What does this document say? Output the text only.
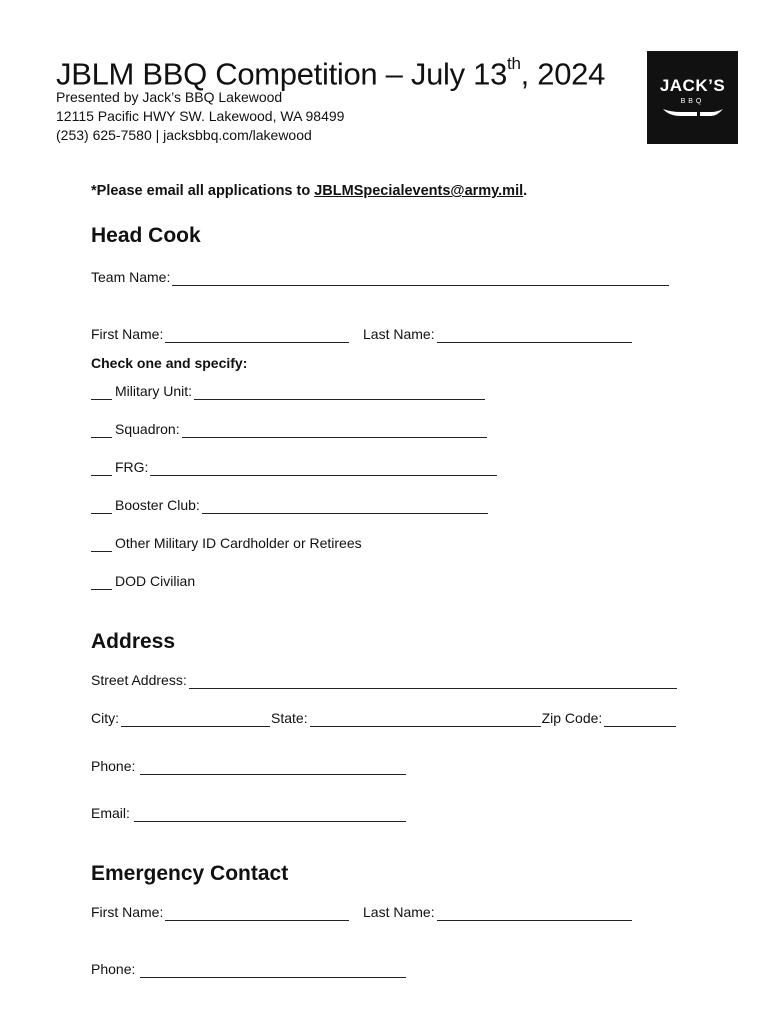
JBLM BBQ Competition – July 13th, 2024
Presented by Jack’s BBQ Lakewood
12115 Pacific HWY SW. Lakewood, WA 98499
(253) 625-7580 | jacksbbq.com/lakewood
JACK’S
BBQ
*Please email all applications to JBLMSpecialevents@army.mil.
Head Cook
Team Name:
First Name:	Last Name:
Check one and specify:
Military Unit:
Squadron:
FRG:
Booster Club:
Other Military ID Cardholder or Retirees
DOD Civilian
Address
Street Address:
City:	State:	Zip Code:
Phone:
Email:
Emergency Contact
First Name:	Last Name:
Phone:
